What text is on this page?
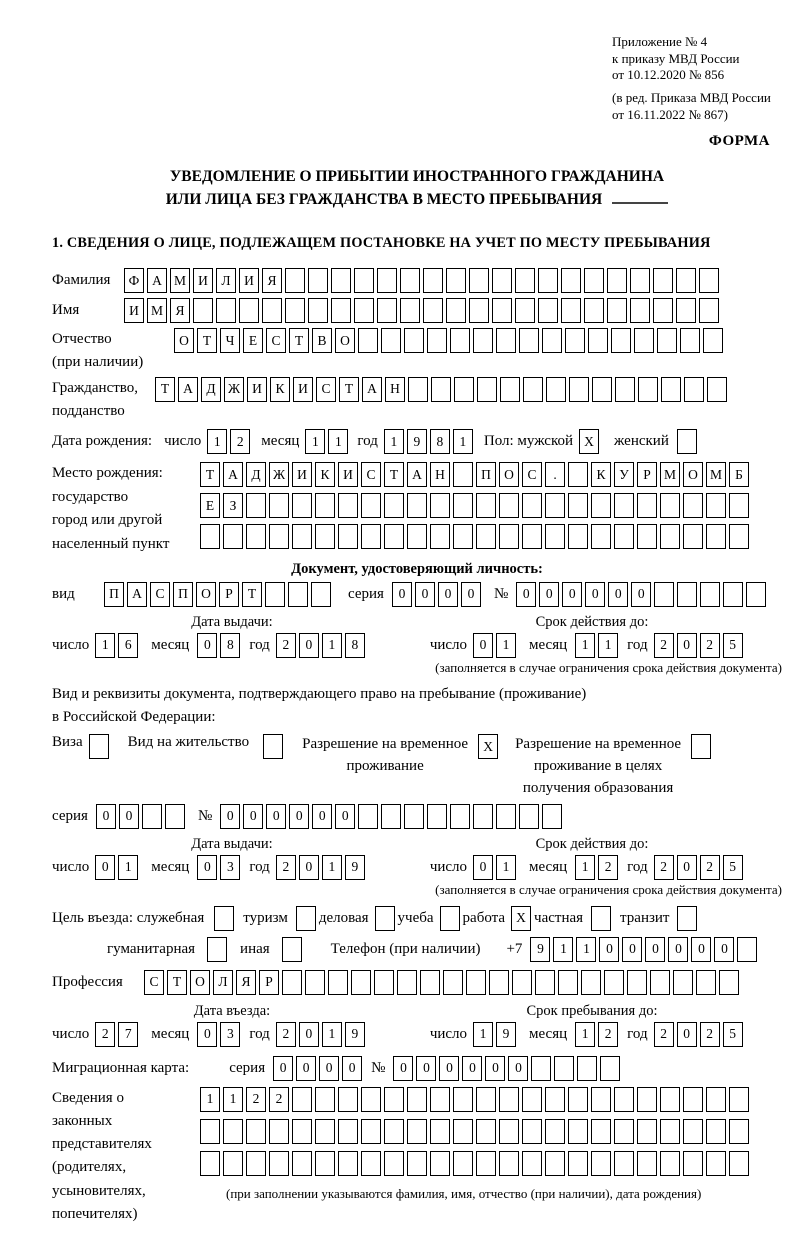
Приложение № 4
к приказу МВД России
от 10.12.2020 № 856
(в ред. Приказа МВД России
от 16.11.2022 № 867)
ФОРМА
УВЕДОМЛЕНИЕ О ПРИБЫТИИ ИНОСТРАННОГО ГРАЖДАНИНА
ИЛИ ЛИЦА БЕЗ ГРАЖДАНСТВА В МЕСТО ПРЕБЫВАНИЯ
1. СВЕДЕНИЯ О ЛИЦЕ, ПОДЛЕЖАЩЕМ ПОСТАНОВКЕ НА УЧЕТ ПО МЕСТУ ПРЕБЫВАНИЯ
Фамилия	Ф А М И	Л	И	Я
Имя	И М Я
Отчество
(при наличии)
О	Т	Ч	Е	С	Т	В	О
Гражданство,
подданство
Т	А	Д Ж И	К	И	С	Т	А Н
Дата рождения: число 1	2	месяц 1	1	год 1	9	8	1	Пол: мужской X	женский
Место рождения:
государство
город или другой
населенный пункт
Т	А	Д Ж И	К	И	С	Т	А Н	П О	С	.	К	У	Р М О М Б
Е	З
Документ, удостоверяющий личность:
вид	П А	С	П О	Р	Т	серия	0	0	0	0	№	0	0	0	0	0	0
Дата выдачи:	Срок действия до:
число 1	6	месяц	0	8	год 2	0	1	8	число 0	1	месяц	1	1	год 2	0	2	5
(заполняется в случае ограничения срока действия документа)
Вид и реквизиты документа, подтверждающего право на пребывание (проживание)
в Российской Федерации:
Виза	Вид на жительство	Разрешение на временное
проживание
X	Разрешение на временное
проживание в целях
получения образования
серия	0	0	№	0	0	0	0	0	0
Дата выдачи:	Срок действия до:
число 0	1	месяц	0	3	год 2	0	1	9	число 0	1	месяц	1	2	год 2	0	2	5
(заполняется в случае ограничения срока действия документа)
Цель въезда: служебная	туризм деловая учеба работа X частная транзит
гуманитарная	иная	Телефон (при наличии) +7	9	1	1	0	0	0	0	0	0
Профессия	С	Т	О	Л	Я	Р
Дата въезда:	Срок пребывания до:
число 2	7	месяц	0	3	год 2	0	1	9	число 1	9	месяц	1	2	год 2	0	2	5
Миграционная карта:	серия	0	0	0	0	№	0	0	0	0	0	0
Сведения о
законных
представителях
(родителях,
усыновителях,
попечителях)
1	1	2	2
(при заполнении указываются фамилия, имя, отчество (при наличии), дата рождения)
